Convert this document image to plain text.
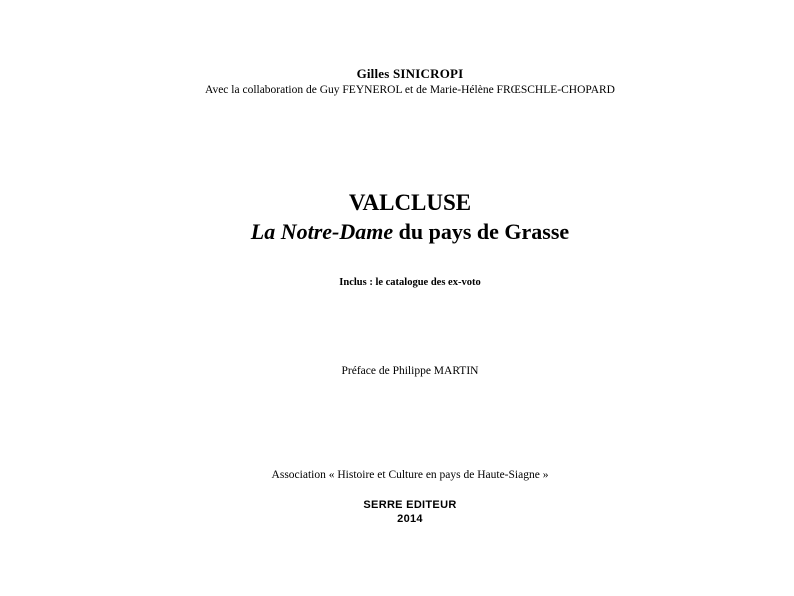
Gilles SINICROPI
Avec la collaboration de Guy FEYNEROL et de Marie-Hélène FRŒSCHLE-CHOPARD
VALCLUSE
La Notre-Dame du pays de Grasse
Inclus : le catalogue des ex-voto
Préface de Philippe MARTIN
Association « Histoire et Culture en pays de Haute-Siagne »
SERRE EDITEUR
2014
